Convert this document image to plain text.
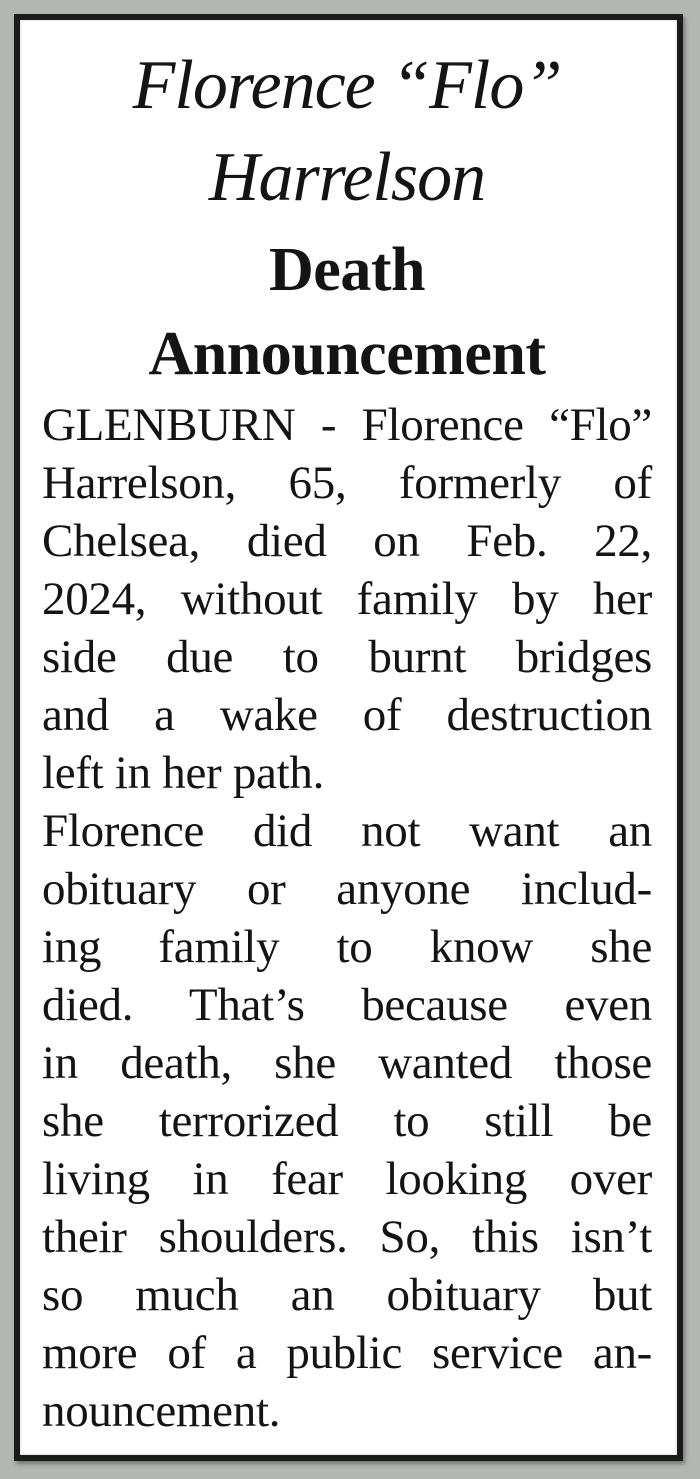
Florence “Flo”
Harrelson
Death
Announcement
GLENBURN - Florence “Flo”
Harrelson, 65, formerly of
Chelsea, died on Feb. 22,
2024, without family by her
side due to burnt bridges
and a wake of destruction
left in her path.
Florence did not want an
obituary or anyone includ-
ing family to know she
died. That’s because even
in death, she wanted those
she terrorized to still be
living in fear looking over
their shoulders. So, this isn’t
so much an obituary but
more of a public service an-
nouncement.
